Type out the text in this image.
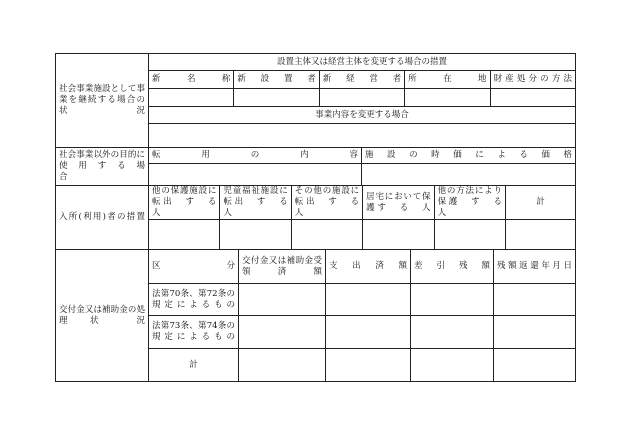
社会事業施設として事業を継続する場合の　状　　況	設置主体又は経営主体を変更する場合の措置				
	新　名　称	新　設　置　者	新　経　営　者	所　在　地	財産処分の方法

	事業内容を変更する場合				

社会事業以外の目的に使　用　す　る　場　合	転　用　の　内　容	施設の時価による価格

入所(利用)者の措置	他の保護施設に転出　す　る　人	児童福祉施設に転出　す　る　人	その他の施設に転出　す　る　人	居宅において保護す　る　人	他の方法により保護　す　る　人	計

交付金又は補助金の処理　状　　況	区　　分	交付金又は補助金受　領　済　額	支　出　済　額	差　引　残　額	残額返還年月日
	法第70条、第72条の規定によるもの				
	法第73条、第74条の規定によるもの				
	計				
